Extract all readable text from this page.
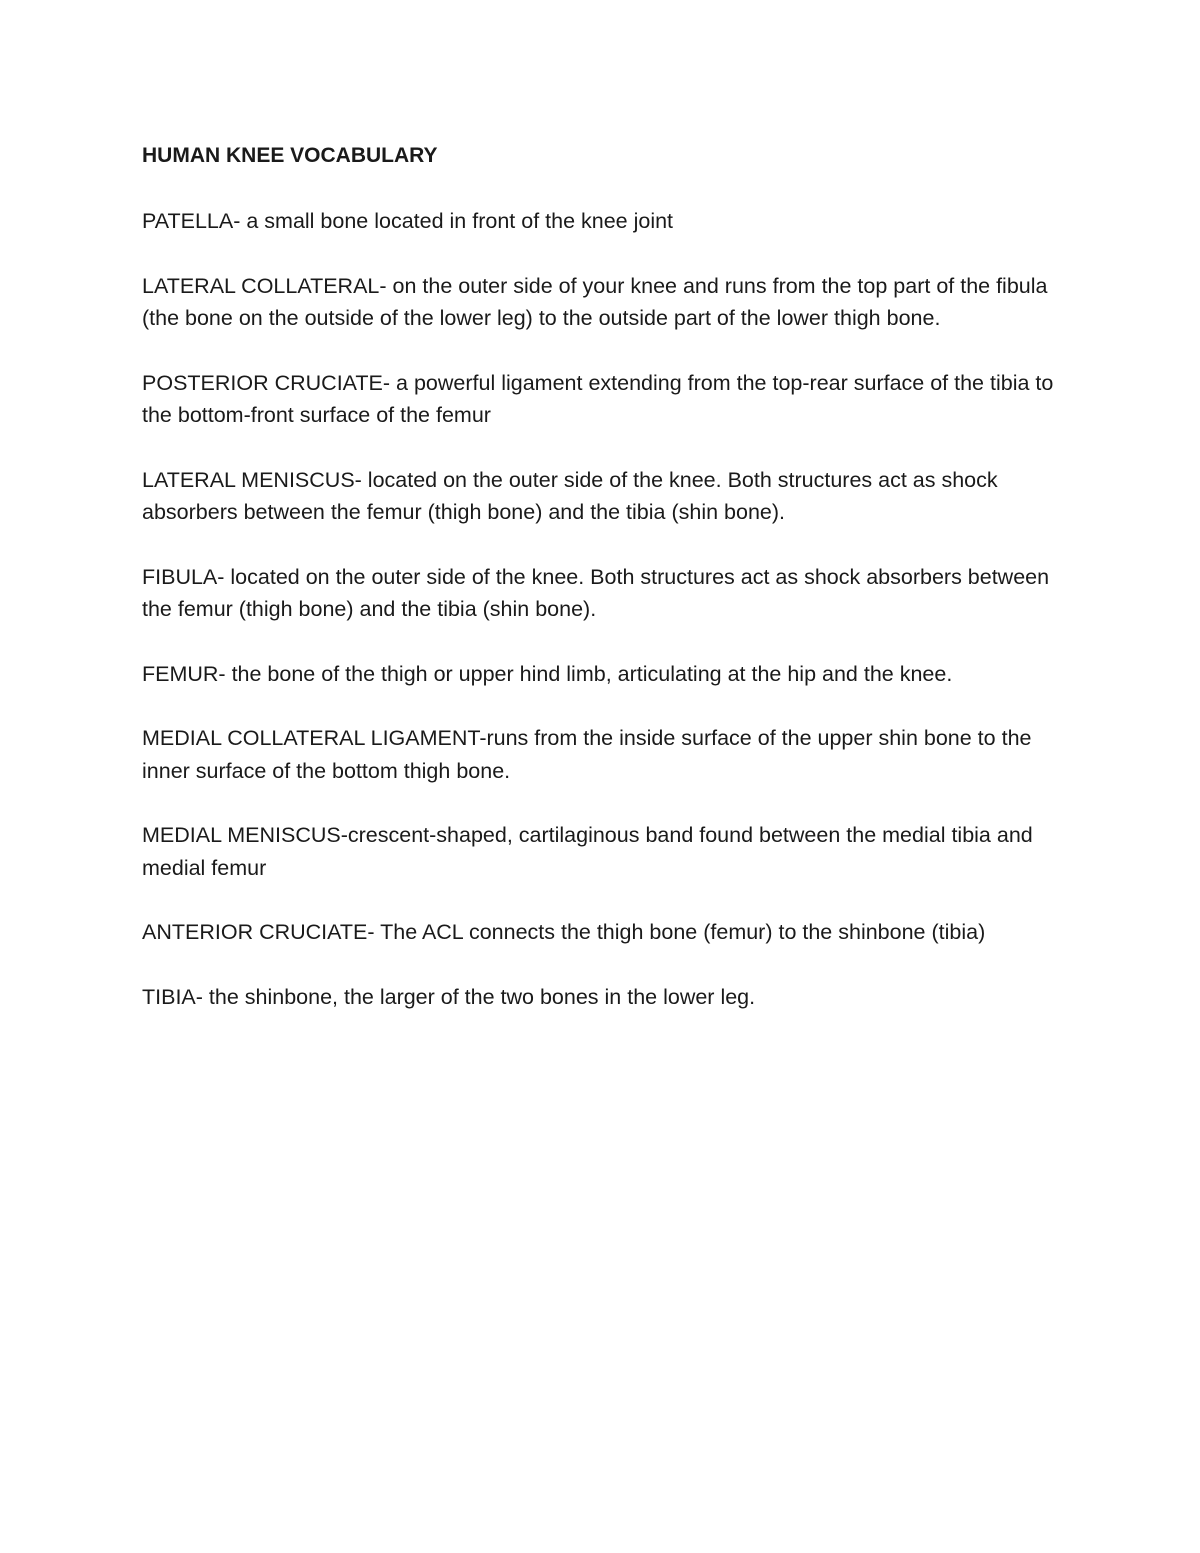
HUMAN KNEE VOCABULARY
PATELLA- a small bone located in front of the knee joint
LATERAL COLLATERAL- on the outer side of your knee and runs from the top part of the fibula (the bone on the outside of the lower leg) to the outside part of the lower thigh bone.
POSTERIOR CRUCIATE- a powerful ligament extending from the top-rear surface of the tibia to the bottom-front surface of the femur
LATERAL MENISCUS- located on the outer side of the knee. Both structures act as shock absorbers between the femur (thigh bone) and the tibia (shin bone).
FIBULA- located on the outer side of the knee. Both structures act as shock absorbers between the femur (thigh bone) and the tibia (shin bone).
FEMUR- the bone of the thigh or upper hind limb, articulating at the hip and the knee.
MEDIAL COLLATERAL LIGAMENT-runs from the inside surface of the upper shin bone to the inner surface of the bottom thigh bone.
MEDIAL MENISCUS-crescent-shaped, cartilaginous band found between the medial tibia and medial femur
ANTERIOR CRUCIATE- The ACL connects the thigh bone (femur) to the shinbone (tibia)
TIBIA- the shinbone, the larger of the two bones in the lower leg.
